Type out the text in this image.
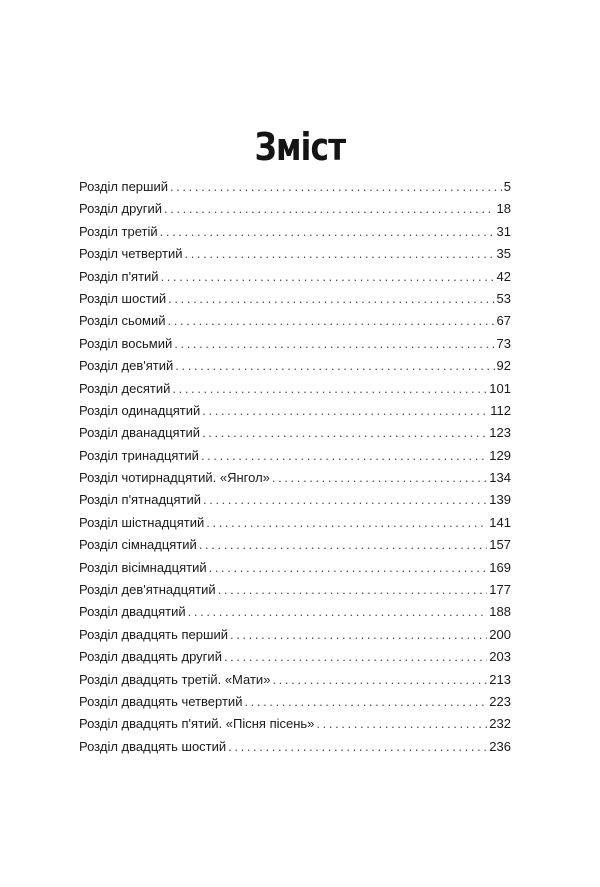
Зміст
Розділ перший . . .	5
Розділ другий . . .	18
Розділ третій . . .	31
Розділ четвертий . . .	35
Розділ п'ятий . . .	42
Розділ шостий . . .	53
Розділ сьомий . . .	67
Розділ восьмий . . .	73
Розділ дев'ятий . . .	92
Розділ десятий . . .	101
Розділ одинадцятий . . .	112
Розділ дванадцятий . . .	123
Розділ тринадцятий . . .	129
Розділ чотирнадцятий. «Янгол» . . .	134
Розділ п'ятнадцятий . . .	139
Розділ шістнадцятий . . .	141
Розділ сімнадцятий . . .	157
Розділ вісімнадцятий . . .	169
Розділ дев'ятнадцятий . . .	177
Розділ двадцятий . . .	188
Розділ двадцять перший . . .	200
Розділ двадцять другий . . .	203
Розділ двадцять третій. «Мати» . . .	213
Розділ двадцять четвертий . . .	223
Розділ двадцять п'ятий. «Пісня пісень» . . .	232
Розділ двадцять шостий . . .	236
